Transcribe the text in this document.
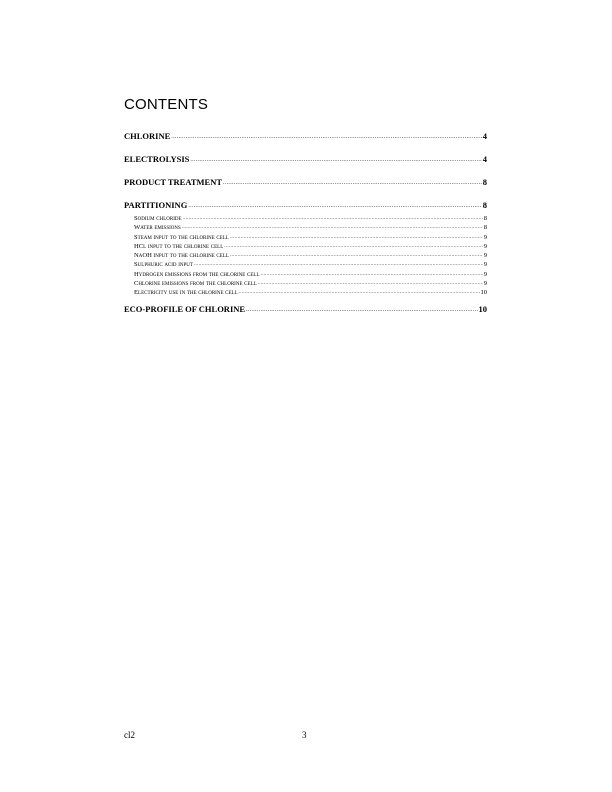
CONTENTS
CHLORINE .....	4
ELECTROLYSIS .....	4
PRODUCT TREATMENT .....	8
PARTITIONING .....	8
Sodium chloride .....	8
Water emissions .....	8
Steam input to the chlorine cell .....	9
HCl input to the chlorine cell .....	9
NaOH input to the chlorine cell .....	9
Sulphuric acid input .....	9
Hydrogen emissions from the chlorine cell .....	9
Chlorine emissions from the chlorine cell .....	9
Electricity use in the chlorine cell .....	10
ECO-PROFILE OF CHLORINE .....	10
cl2	3
